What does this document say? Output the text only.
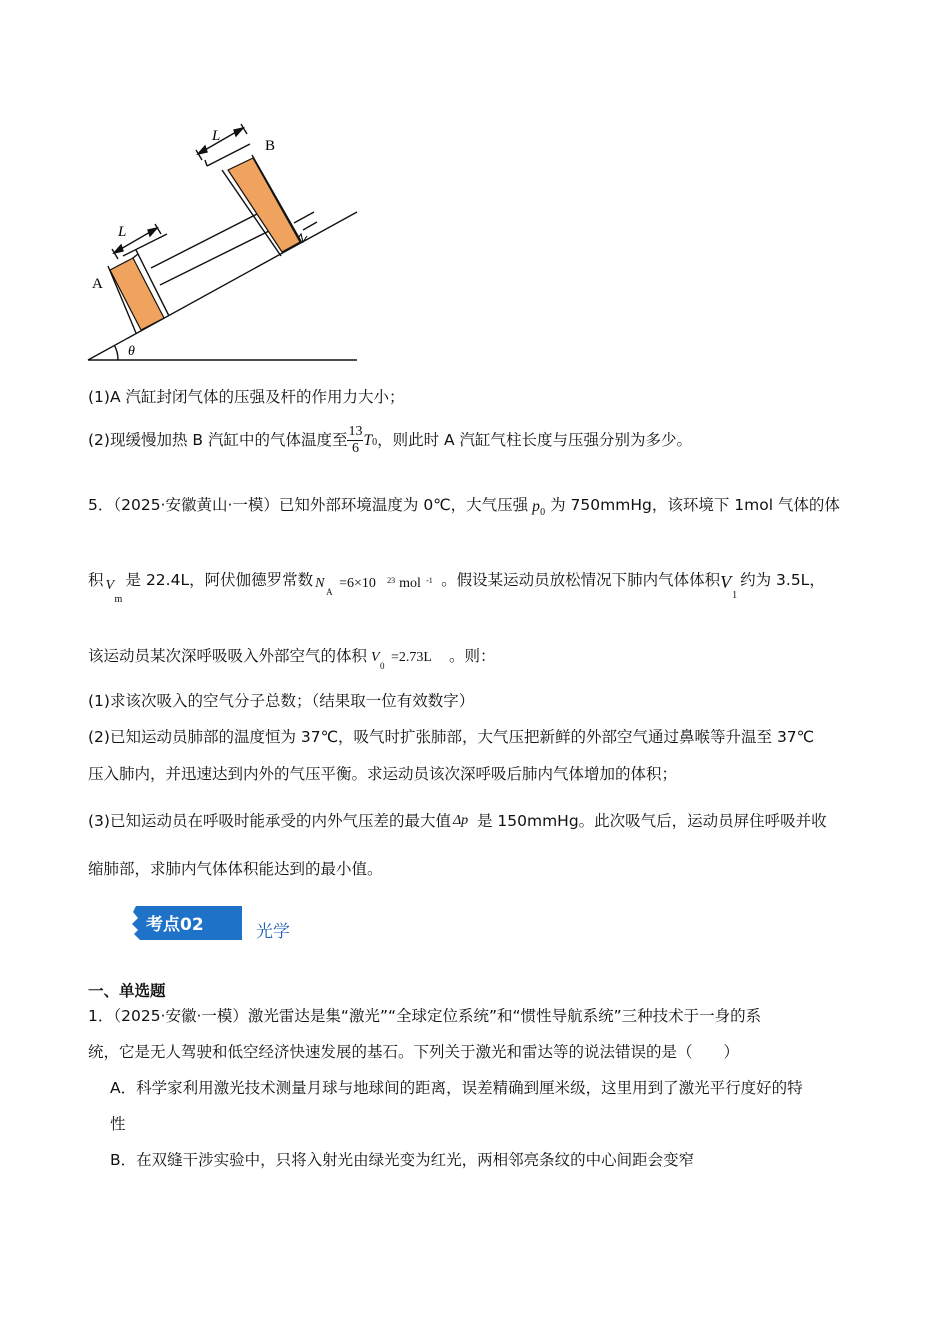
A
B
L
L
θ
(1)A 汽缸封闭气体的压强及杆的作用力大小；
(2)现缓慢加热 B 汽缸中的气体温度至 $\frac{13}{6} T0$，则此时 A 汽缸气柱长度与压强分别为多少。
5．（2025·安徽黄山·一模）已知外部环境温度为 0℃，大气压强 p 0 为 750mmHg，该环境下 1mol 气体的体
积 V
m
是 22.4L，阿伏伽德罗常数 N
A
=6×10 23 mol -1 。假设某运动员放松情况下肺内气体体积 V
1
约为 3.5L，
该运动员某次深呼吸吸入外部空气的体积 V
0
=2.73L 。则：
(1)求该次吸入的空气分子总数；（结果取一位有效数字）
(2)已知运动员肺部的温度恒为 37℃，吸气时扩张肺部，大气压把新鲜的外部空气通过鼻喉等升温至 37℃
压入肺内，并迅速达到内外的气压平衡。求运动员该次深呼吸后肺内气体增加的体积；
(3)已知运动员在呼吸时能承受的内外气压差的最大值 Δp 是 150mmHg。此次吸气后，运动员屏住呼吸并收
缩肺部，求肺内气体体积能达到的最小值。
考点02	光学
一、单选题
1．（2025·安徽·一模）激光雷达是集“激光”“全球定位系统”和“惯性导航系统”三种技术于一身的系
统，它是无人驾驶和低空经济快速发展的基石。下列关于激光和雷达等的说法错误的是（　　）
A．科学家利用激光技术测量月球与地球间的距离，误差精确到厘米级，这里用到了激光平行度好的特
性
B．在双缝干涉实验中，只将入射光由绿光变为红光，两相邻亮条纹的中心间距会变窄
